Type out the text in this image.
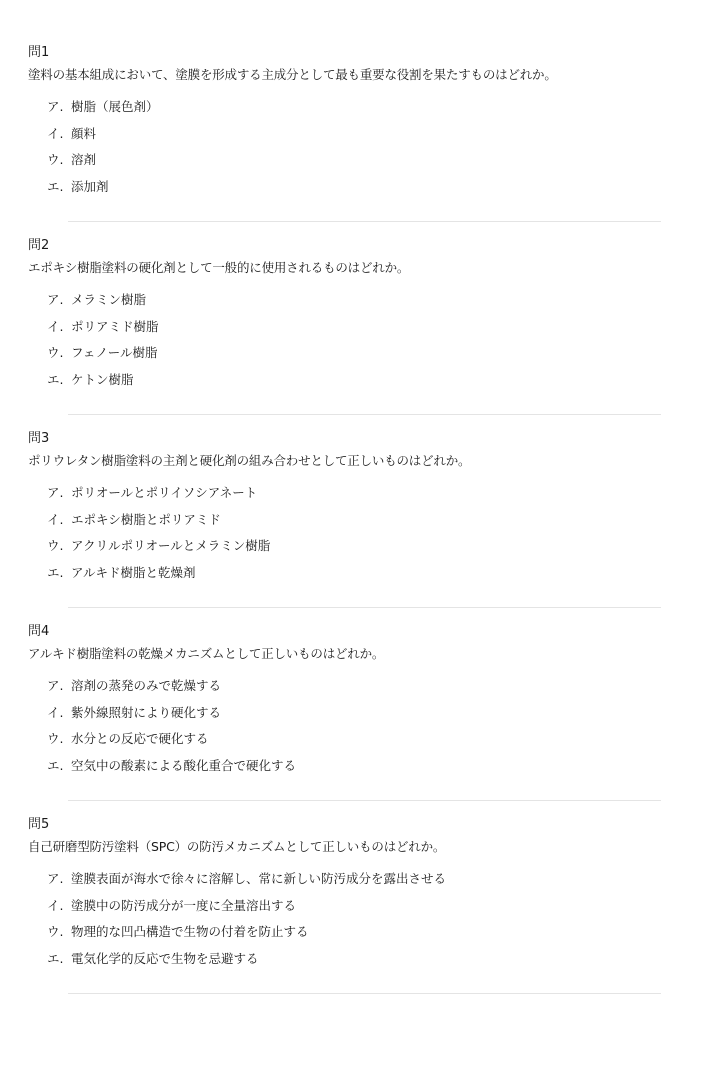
問1
塗料の基本組成において、塗膜を形成する主成分として最も重要な役割を果たすものはどれか。
ア. 樹脂（展色剤）
イ. 顔料
ウ. 溶剤
エ. 添加剤
問2
エポキシ樹脂塗料の硬化剤として一般的に使用されるものはどれか。
ア. メラミン樹脂
イ. ポリアミド樹脂
ウ. フェノール樹脂
エ. ケトン樹脂
問3
ポリウレタン樹脂塗料の主剤と硬化剤の組み合わせとして正しいものはどれか。
ア. ポリオールとポリイソシアネート
イ. エポキシ樹脂とポリアミド
ウ. アクリルポリオールとメラミン樹脂
エ. アルキド樹脂と乾燥剤
問4
アルキド樹脂塗料の乾燥メカニズムとして正しいものはどれか。
ア. 溶剤の蒸発のみで乾燥する
イ. 紫外線照射により硬化する
ウ. 水分との反応で硬化する
エ. 空気中の酸素による酸化重合で硬化する
問5
自己研磨型防汚塗料（SPC）の防汚メカニズムとして正しいものはどれか。
ア. 塗膜表面が海水で徐々に溶解し、常に新しい防汚成分を露出させる
イ. 塗膜中の防汚成分が一度に全量溶出する
ウ. 物理的な凹凸構造で生物の付着を防止する
エ. 電気化学的反応で生物を忌避する
